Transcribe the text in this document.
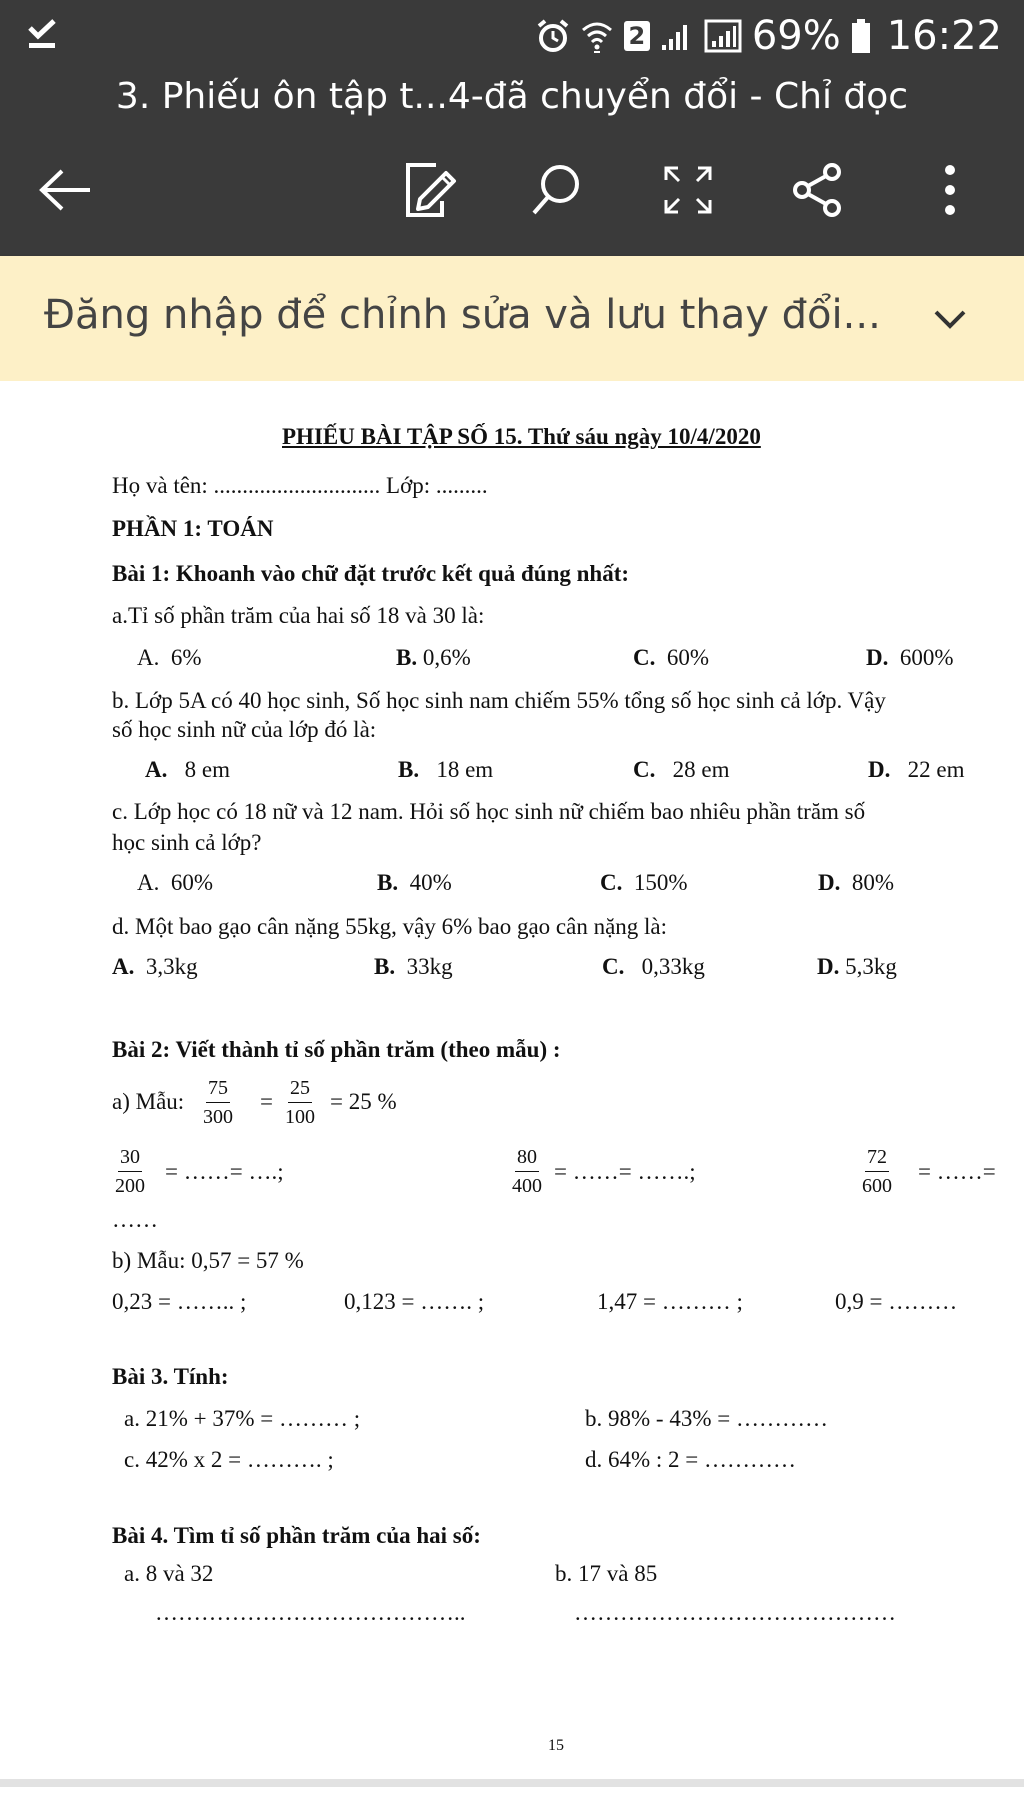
2	69% 16:22
3. Phiếu ôn tập t...4-đã chuyển đổi - Chỉ đọc
Đăng nhập để chỉnh sửa và lưu thay đổi...
PHIẾU BÀI TẬP SỐ 15. Thứ sáu ngày 10/4/2020
Họ và tên: ............................. Lớp: .........
PHẦN 1: TOÁN
Bài 1: Khoanh vào chữ đặt trước kết quả đúng nhất:
a.Tỉ số phần trăm của hai số 18 và 30 là:
A. 6%	B. 0,6%	C. 60%	D. 600%
b. Lớp 5A có 40 học sinh, Số học sinh nam chiếm 55% tổng số học sinh cả lớp. Vậy
số học sinh nữ của lớp đó là:
A. 8 em	B. 18 em	C. 28 em	D. 22 em
c. Lớp học có 18 nữ và 12 nam. Hỏi số học sinh nữ chiếm bao nhiêu phần trăm số
học sinh cả lớp?
A. 60%	B. 40%	C. 150%	D. 80%
d. Một bao gạo cân nặng 55kg, vậy 6% bao gạo cân nặng là:
A. 3,3kg	B. 33kg	C. 0,33kg	D. 5,3kg
Bài 2: Viết thành tỉ số phần trăm (theo mẫu) :
a) Mẫu: $\frac{75}{300} = \frac{25}{100} = 25$ %
$\frac{30}{200}$ = ……= ….;	$\frac{80}{400}$ = ……= …….;	$\frac{72}{600}$ = ……=
……
b) Mẫu: 0,57 = 57 %
0,23 = …….. ;	0,123 = ……. ;	1,47 = ……… ;	0,9 = ………
Bài 3. Tính:
a. 21% + 37% = ……… ;	b. 98% - 43% = …………
c. 42% x 2 = ………. ;	d. 64% : 2 = …………
Bài 4. Tìm tỉ số phần trăm của hai số:
a. 8 và 32	b. 17 và 85
…………………………………..	……………………………………
15
